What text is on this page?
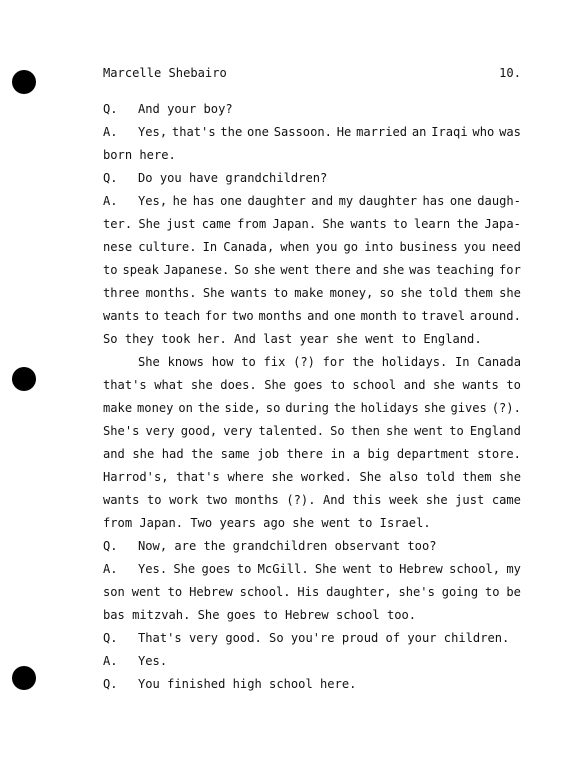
Marcelle Shebairo	10.
Q. And your boy?
A. Yes, that's the one Sassoon. He married an Iraqi who was
born here.
Q. Do you have grandchildren?
A. Yes, he has one daughter and my daughter has one daugh-
ter. She just came from Japan. She wants to learn the Japa-
nese culture. In Canada, when you go into business you need
to speak Japanese. So she went there and she was teaching for
three months. She wants to make money, so she told them she
wants to teach for two months and one month to travel around.
So they took her. And last year she went to England.
She knows how to fix (?) for the holidays. In Canada
that's what she does. She goes to school and she wants to
make money on the side, so during the holidays she gives (?).
She's very good, very talented. So then she went to England
and she had the same job there in a big department store.
Harrod's, that's where she worked. She also told them she
wants to work two months (?). And this week she just came
from Japan. Two years ago she went to Israel.
Q. Now, are the grandchildren observant too?
A. Yes. She goes to McGill. She went to Hebrew school, my
son went to Hebrew school. His daughter, she's going to be
bas mitzvah. She goes to Hebrew school too.
Q. That's very good. So you're proud of your children.
A. Yes.
Q. You finished high school here.
